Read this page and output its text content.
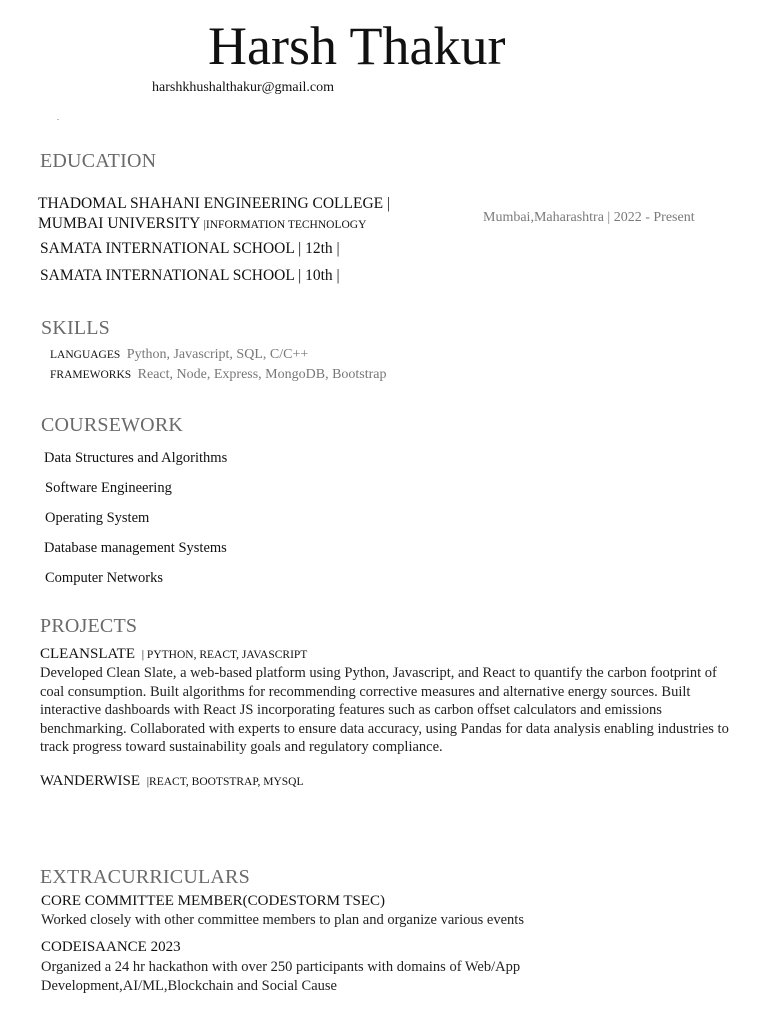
Harsh Thakur
harshkhushalthakur@gmail.com
.
EDUCATION
THADOMAL SHAHANI ENGINEERING COLLEGE |
MUMBAI UNIVERSITY |INFORMATION TECHNOLOGY	Mumbai,Maharashtra | 2022 - Present
SAMATA INTERNATIONAL SCHOOL | 12th |
SAMATA INTERNATIONAL SCHOOL | 10th |
SKILLS
LANGUAGES Python, Javascript, SQL, C/C++
FRAMEWORKS React, Node, Express, MongoDB, Bootstrap
COURSEWORK
Data Structures and Algorithms
Software Engineering
Operating System
Database management Systems
Computer Networks
PROJECTS
CLEANSLATE | PYTHON, REACT, JAVASCRIPT
Developed Clean Slate, a web-based platform using Python, Javascript, and React to quantify the carbon footprint of coal consumption. Built algorithms for recommending corrective measures and alternative energy sources. Built interactive dashboards with React JS incorporating features such as carbon offset calculators and emissions benchmarking. Collaborated with experts to ensure data accuracy, using Pandas for data analysis enabling industries to track progress toward sustainability goals and regulatory compliance.
WANDERWISE |REACT, BOOTSTRAP, MYSQL
EXTRACURRICULARS
CORE COMMITTEE MEMBER(CODESTORM TSEC)
Worked closely with other committee members to plan and organize various events
CODEISAANCE 2023
Organized a 24 hr hackathon with over 250 participants with domains of Web/App Development,AI/ML,Blockchain and Social Cause
